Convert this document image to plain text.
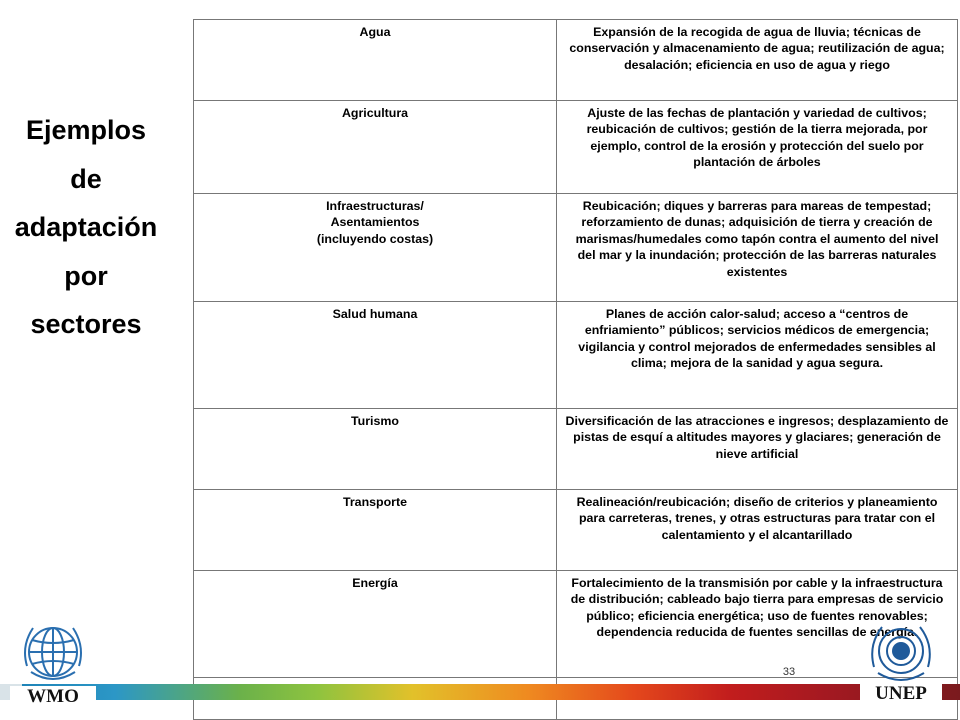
Ejemplos
de
adaptación
por
sectores
Agua	Expansión de la recogida de agua de lluvia; técnicas de conservación y almacenamiento de agua; reutilización de agua; desalación; eficiencia en uso de agua y riego

Agricultura	Ajuste de las fechas de plantación y variedad de cultivos; reubicación de cultivos; gestión de la tierra mejorada, por ejemplo, control de la erosión y protección del suelo por plantación de árboles

Infraestructuras/ Asentamientos (incluyendo costas)	Reubicación; diques y barreras para mareas de tempestad; reforzamiento de dunas; adquisición de tierra y creación de marismas/humedales como tapón contra el aumento del nivel del mar y la inundación; protección de las barreras naturales existentes

Salud humana	Planes de acción calor-salud; acceso a “centros de enfriamiento” públicos; servicios médicos de emergencia; vigilancia y control mejorados de enfermedades sensibles al clima; mejora de la sanidad y agua segura.

Turismo	Diversificación de las atracciones e ingresos; desplazamiento de pistas de esquí a altitudes mayores y glaciares; generación de nieve artificial

Transporte	Realineación/reubicación; diseño de criterios y planeamiento para carreteras, trenes, y otras estructuras para tratar con el calentamiento y el alcantarillado

Energía	Fortalecimiento de la transmisión por cable y la infraestructura de distribución; cableado bajo tierra para empresas de servicio público; eficiencia energética; uso de fuentes renovables; dependencia reducida de fuentes sencillas de energía.

WMO	UNEP
33
